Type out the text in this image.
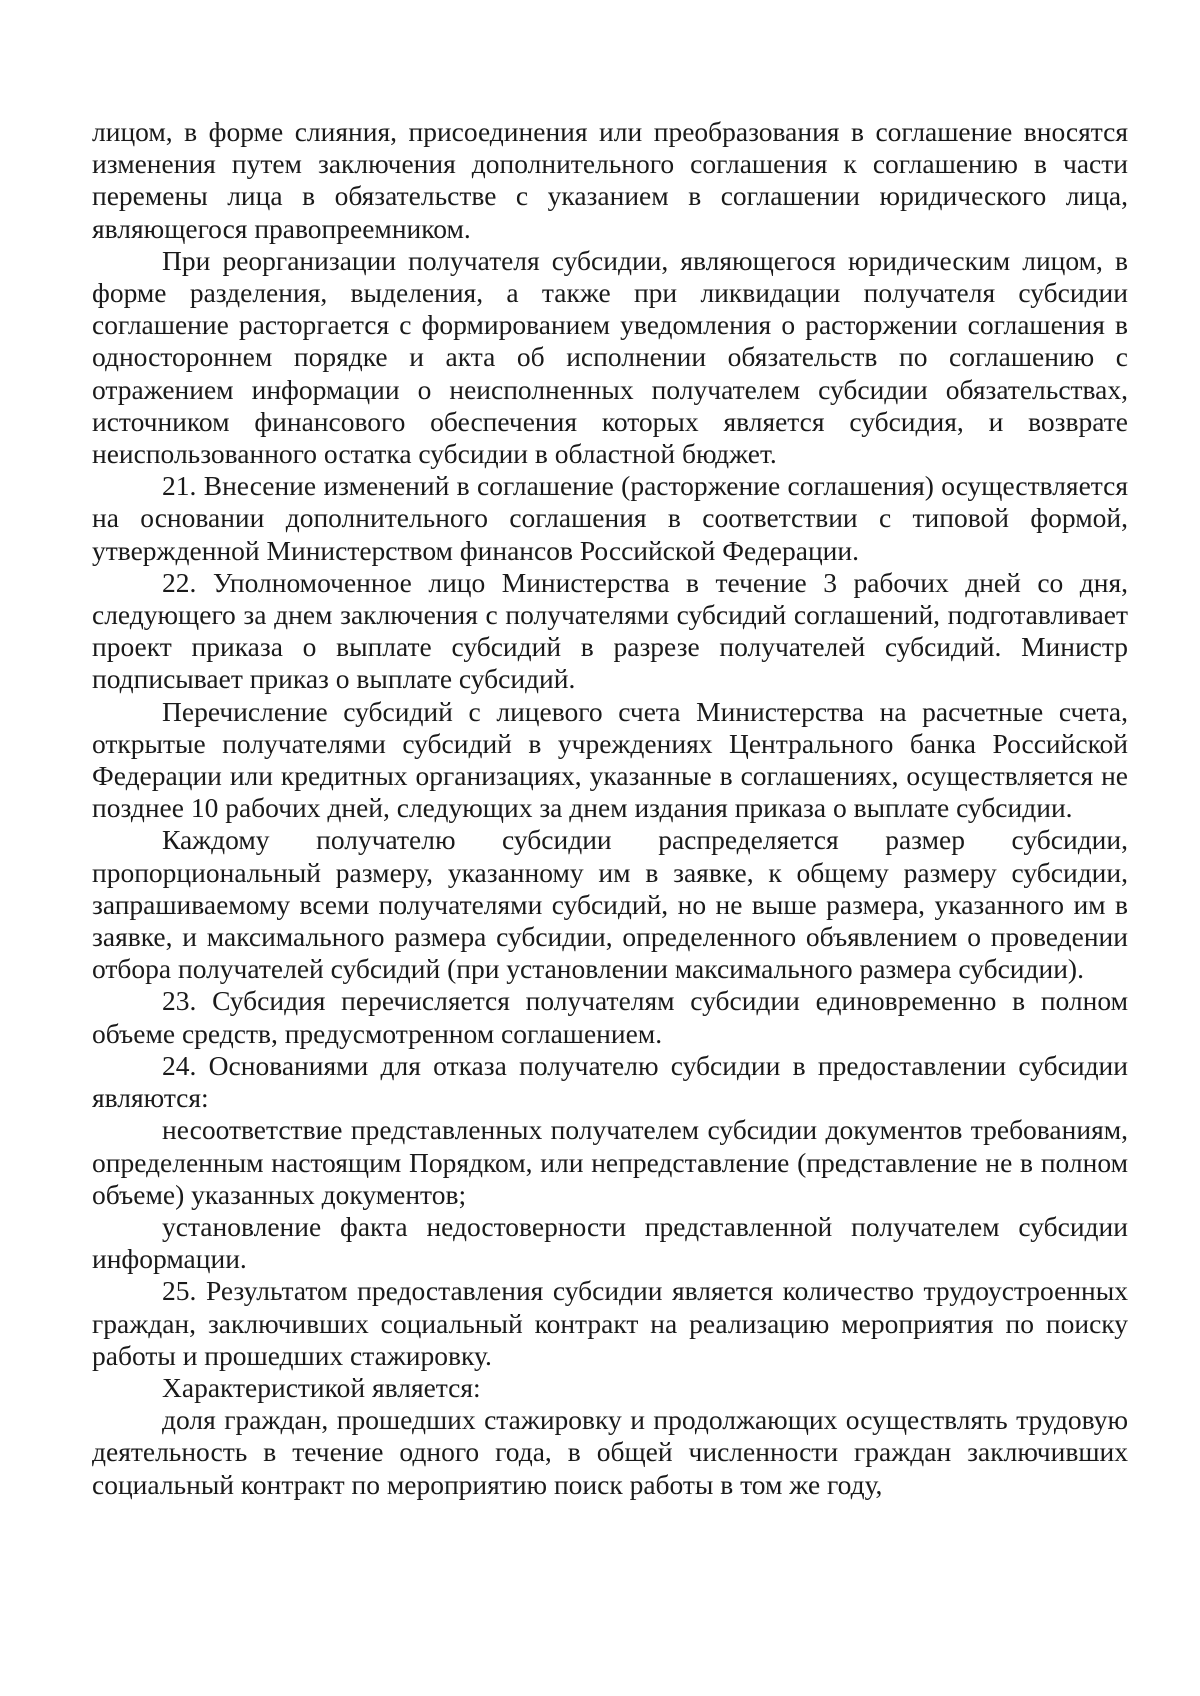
лицом, в форме слияния, присоединения или преобразования в соглашение вносятся изменения путем заключения дополнительного соглашения к соглашению в части перемены лица в обязательстве с указанием в соглашении юридического лица, являющегося правопреемником.

При реорганизации получателя субсидии, являющегося юридическим лицом, в форме разделения, выделения, а также при ликвидации получателя субсидии соглашение расторгается с формированием уведомления о расторжении соглашения в одностороннем порядке и акта об исполнении обязательств по соглашению с отражением информации о неисполненных получателем субсидии обязательствах, источником финансового обеспечения которых является субсидия, и возврате неиспользованного остатка субсидии в областной бюджет.

21. Внесение изменений в соглашение (расторжение соглашения) осуществляется на основании дополнительного соглашения в соответствии с типовой формой, утвержденной Министерством финансов Российской Федерации.

22. Уполномоченное лицо Министерства в течение 3 рабочих дней со дня, следующего за днем заключения с получателями субсидий соглашений, подготавливает проект приказа о выплате субсидий в разрезе получателей субсидий. Министр подписывает приказ о выплате субсидий.

Перечисление субсидий с лицевого счета Министерства на расчетные счета, открытые получателями субсидий в учреждениях Центрального банка Российской Федерации или кредитных организациях, указанные в соглашениях, осуществляется не позднее 10 рабочих дней, следующих за днем издания приказа о выплате субсидии.

Каждому получателю субсидии распределяется размер субсидии, пропорциональный размеру, указанному им в заявке, к общему размеру субсидии, запрашиваемому всеми получателями субсидий, но не выше размера, указанного им в заявке, и максимального размера субсидии, определенного объявлением о проведении отбора получателей субсидий (при установлении максимального размера субсидии).

23. Субсидия перечисляется получателям субсидии единовременно в полном объеме средств, предусмотренном соглашением.

24. Основаниями для отказа получателю субсидии в предоставлении субсидии являются:

несоответствие представленных получателем субсидии документов требованиям, определенным настоящим Порядком, или непредставление (представление не в полном объеме) указанных документов;

установление факта недостоверности представленной получателем субсидии информации.

25. Результатом предоставления субсидии является количество трудоустроенных граждан, заключивших социальный контракт на реализацию мероприятия по поиску работы и прошедших стажировку.

Характеристикой является:

доля граждан, прошедших стажировку и продолжающих осуществлять трудовую деятельность в течение одного года, в общей численности граждан заключивших социальный контракт по мероприятию поиск работы в том же году,
